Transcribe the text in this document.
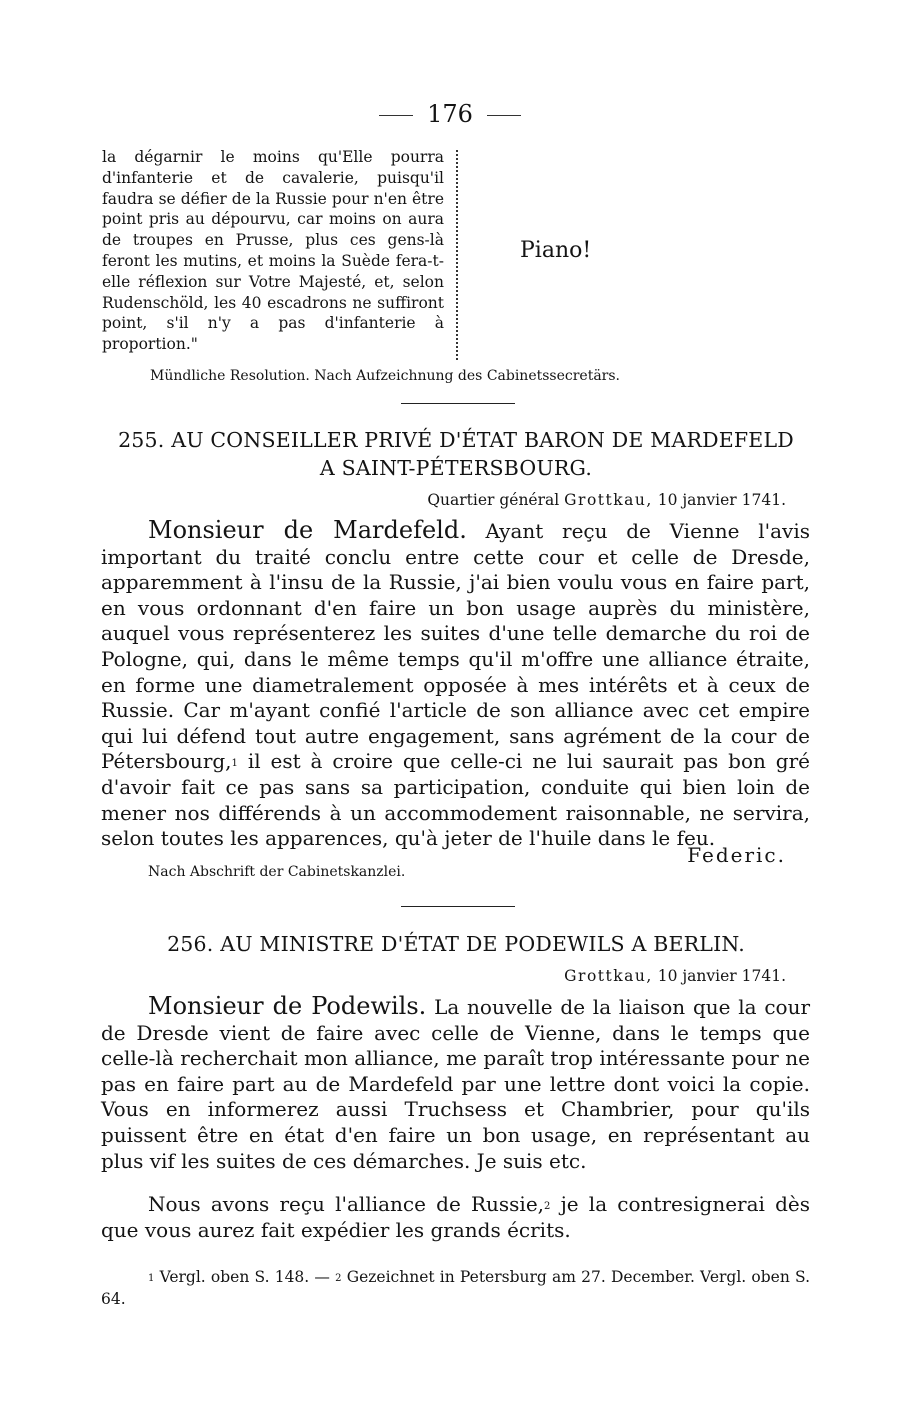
176

la dégarnir le moins qu'Elle pourra d'infanterie et de cavalerie, puisqu'il faudra se défier de la Russie pour n'en être point pris au dépourvu, car moins on aura de troupes en Prusse, plus ces gens-là feront les mutins, et moins la Suède fera-t-elle réflexion sur Votre Majesté, et, selon Rudenschöld, les 40 escadrons ne suffiront point, s'il n'y a pas d'infanterie à proportion."

Piano!
Mündliche Resolution. Nach Aufzeichnung des Cabinetssecretärs.
255. AU CONSEILLER PRIVÉ D'ÉTAT BARON DE MARDEFELD
A SAINT-PÉTERSBOURG.
Quartier général Grottkau, 10 janvier 1741.

Monsieur de Mardefeld. Ayant reçu de Vienne l'avis important du traité conclu entre cette cour et celle de Dresde, apparemment à l'insu de la Russie, j'ai bien voulu vous en faire part, en vous ordonnant d'en faire un bon usage auprès du ministère, auquel vous représenterez les suites d'une telle demarche du roi de Pologne, qui, dans le même temps qu'il m'offre une alliance étraite, en forme une diametralement opposée à mes intérêts et à ceux de Russie. Car m'ayant confié l'article de son alliance avec cet empire qui lui défend tout autre engagement, sans agrément de la cour de Pétersbourg,$^1$ il est à croire que celle-ci ne lui saurait pas bon gré d'avoir fait ce pas sans sa participation, conduite qui bien loin de mener nos différends à un accommodement raisonnable, ne servira, selon toutes les apparences, qu'à jeter de l'huile dans le feu.

Federic.
Nach Abschrift der Cabinetskanzlei.
256. AU MINISTRE D'ÉTAT DE PODEWILS A BERLIN.
Grottkau, 10 janvier 1741.

Monsieur de Podewils. La nouvelle de la liaison que la cour de Dresde vient de faire avec celle de Vienne, dans le temps que celle-là recherchait mon alliance, me paraît trop intéressante pour ne pas en faire part au de Mardefeld par une lettre dont voici la copie. Vous en informerez aussi Truchsess et Chambrier, pour qu'ils puissent être en état d'en faire un bon usage, en représentant au plus vif les suites de ces démarches. Je suis etc.

Nous avons reçu l'alliance de Russie,$^2$ je la contresignerai dès que vous aurez fait expédier les grands écrits.

$^1$ Vergl. oben S. 148. — $^2$ Gezeichnet in Petersburg am 27. December. Vergl. oben S. 64.
